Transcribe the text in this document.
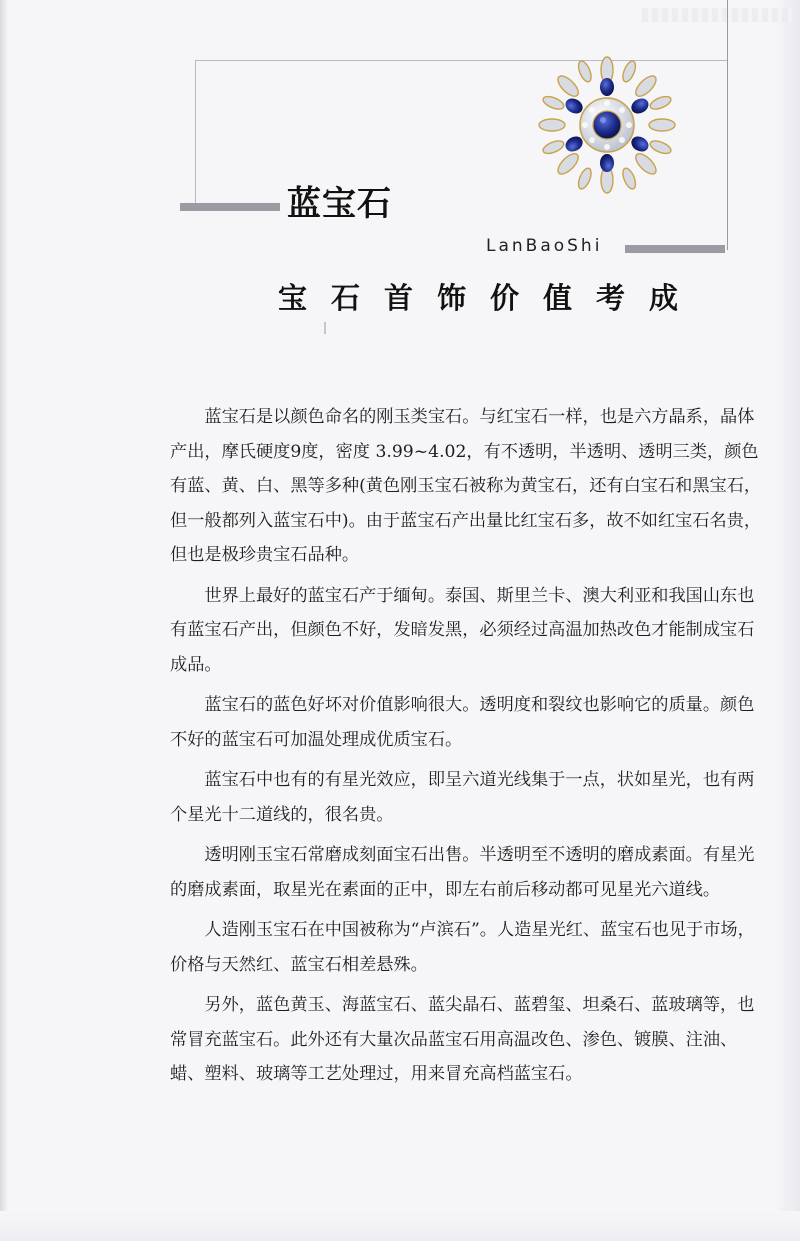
蓝宝石
LanBaoShi
宝石首饰价值考成

蓝宝石是以颜色命名的刚玉类宝石。与红宝石一样，也是六方晶系，晶体产出，摩氏硬度9度，密度 3.99~4.02，有不透明，半透明、透明三类，颜色有蓝、黄、白、黑等多种(黄色刚玉宝石被称为黄宝石，还有白宝石和黑宝石，但一般都列入蓝宝石中)。由于蓝宝石产出量比红宝石多，故不如红宝石名贵，但也是极珍贵宝石品种。

世界上最好的蓝宝石产于缅甸。泰国、斯里兰卡、澳大利亚和我国山东也有蓝宝石产出，但颜色不好，发暗发黑，必须经过高温加热改色才能制成宝石成品。

蓝宝石的蓝色好坏对价值影响很大。透明度和裂纹也影响它的质量。颜色不好的蓝宝石可加温处理成优质宝石。

蓝宝石中也有的有星光效应，即呈六道光线集于一点，状如星光，也有两个星光十二道线的，很名贵。

透明刚玉宝石常磨成刻面宝石出售。半透明至不透明的磨成素面。有星光的磨成素面，取星光在素面的正中，即左右前后移动都可见星光六道线。

人造刚玉宝石在中国被称为“卢滨石”。人造星光红、蓝宝石也见于市场，价格与天然红、蓝宝石相差悬殊。

另外，蓝色黄玉、海蓝宝石、蓝尖晶石、蓝碧玺、坦桑石、蓝玻璃等，也常冒充蓝宝石。此外还有大量次品蓝宝石用高温改色、渗色、镀膜、注油、蜡、塑料、玻璃等工艺处理过，用来冒充高档蓝宝石。
